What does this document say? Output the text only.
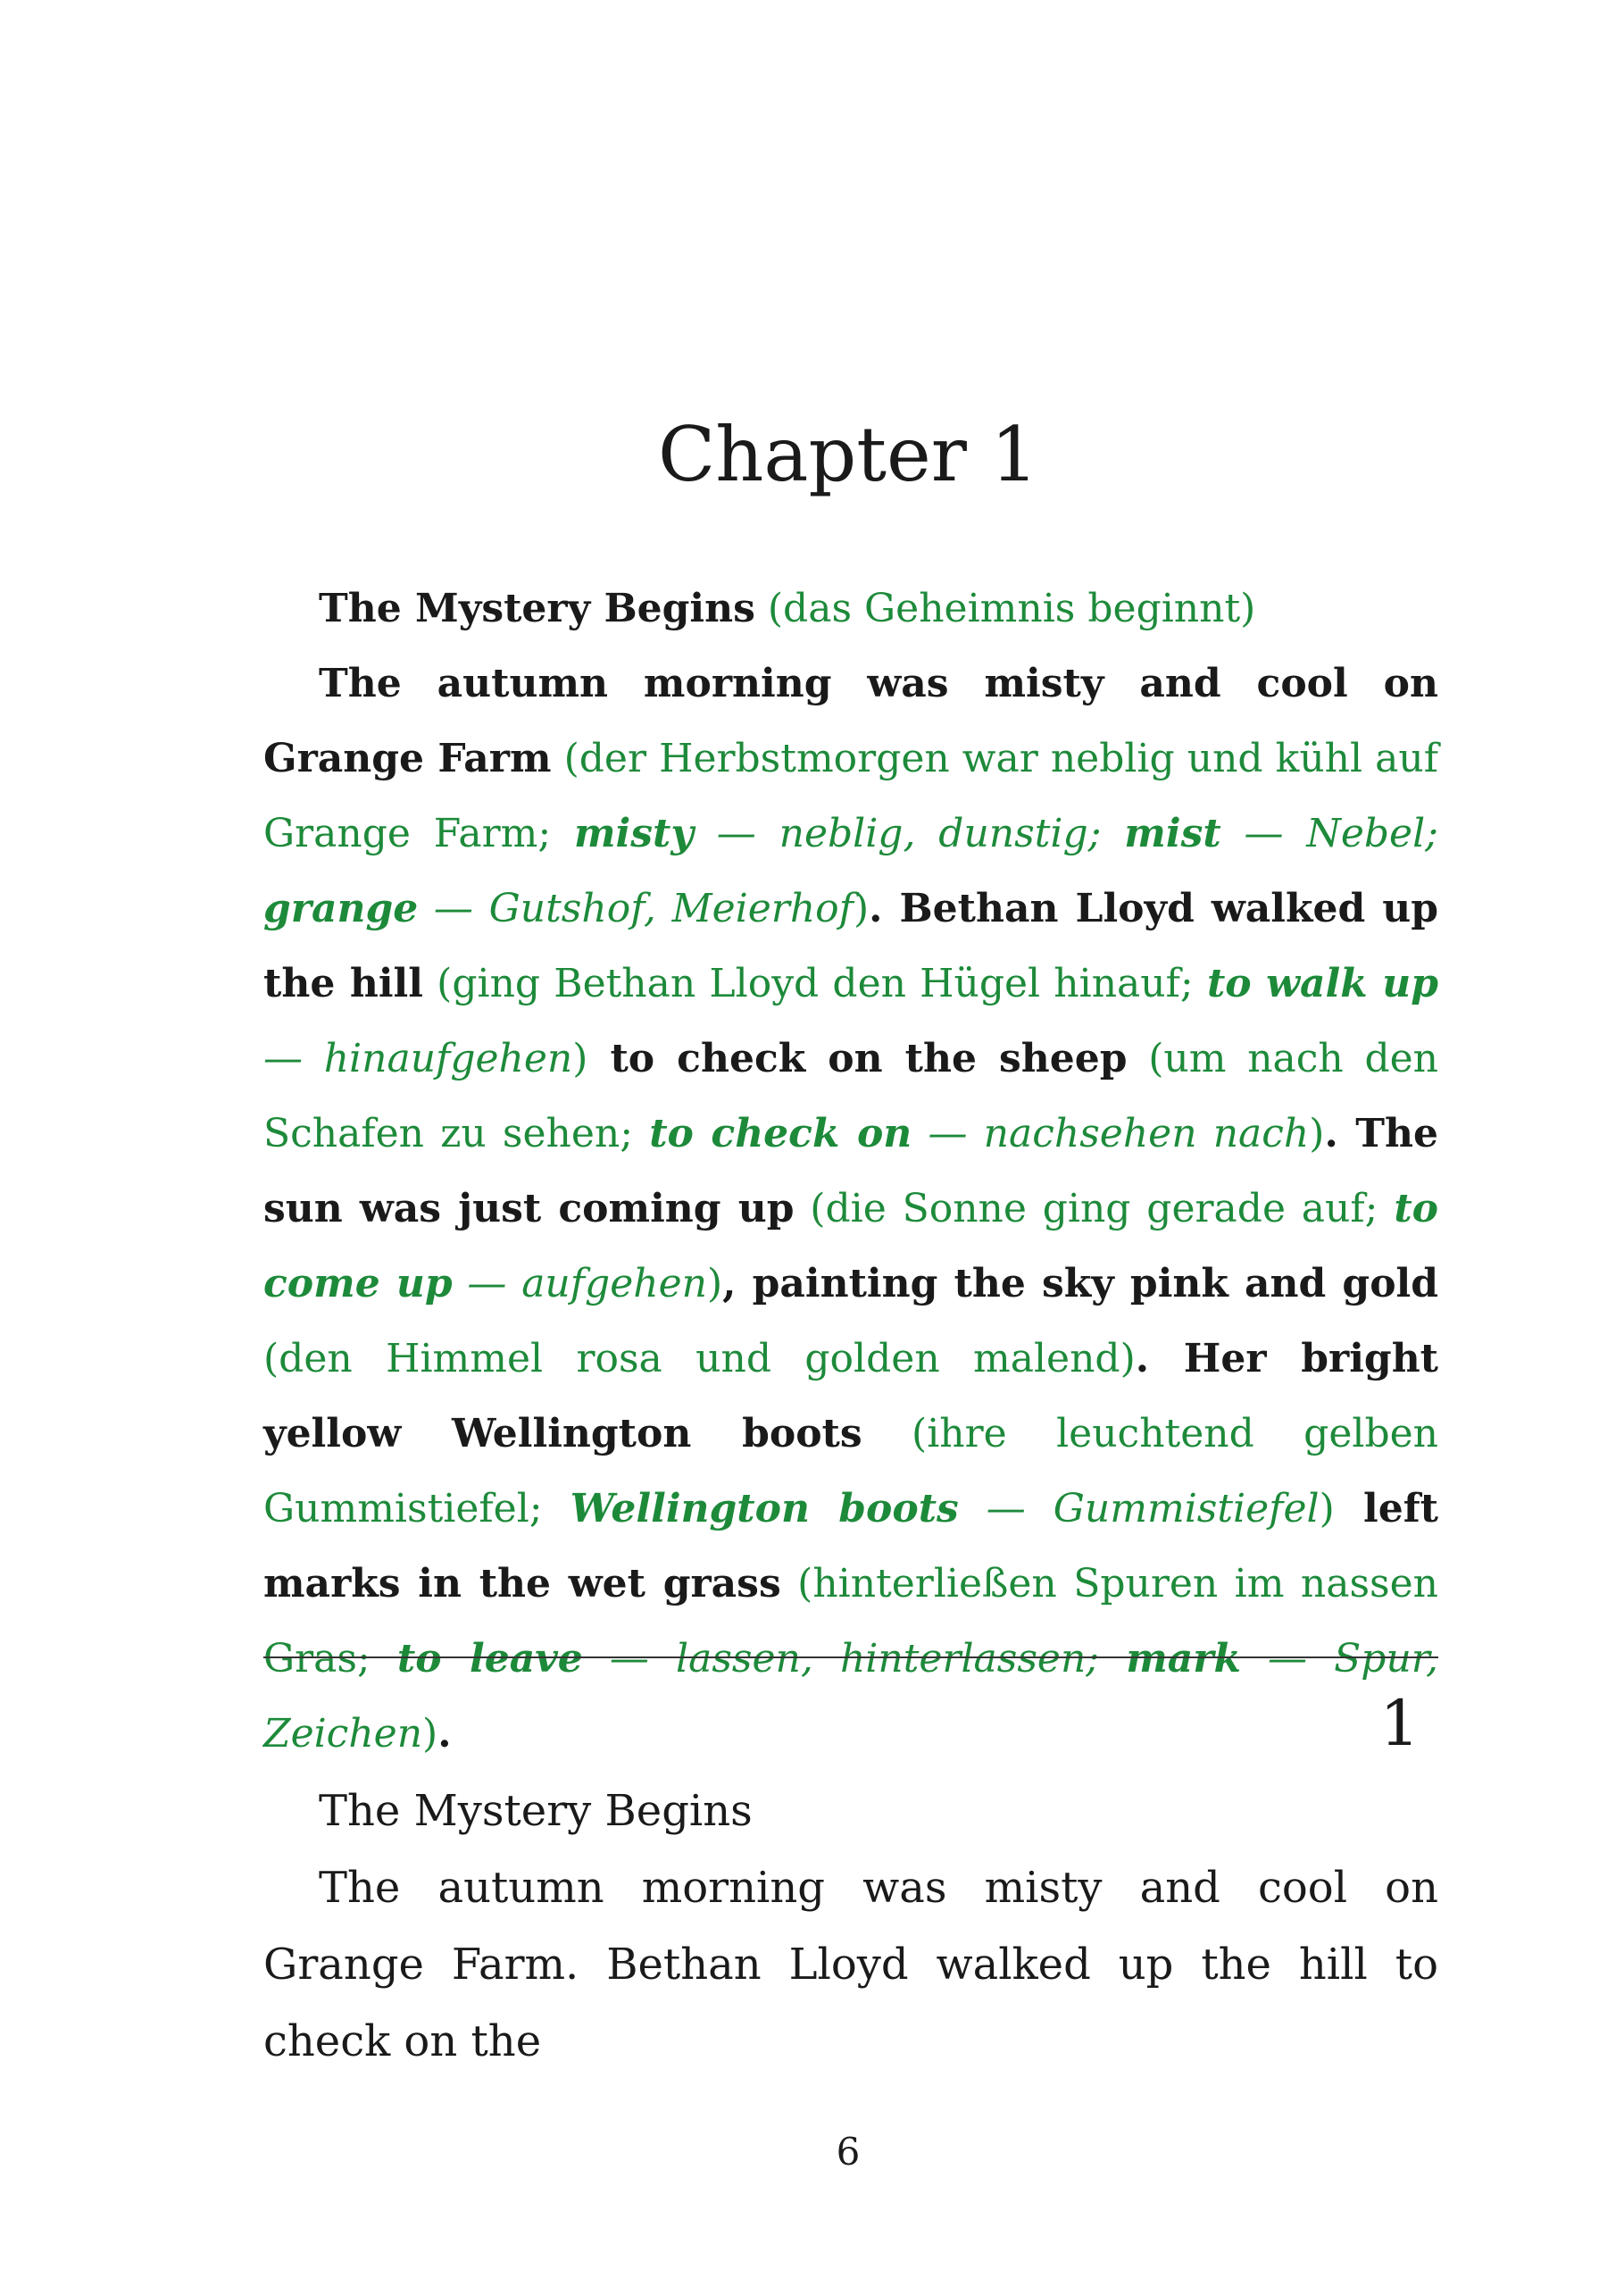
Chapter 1

The Mystery Begins (das Geheimnis beginnt)

The autumn morning was misty and cool on Grange Farm (der Herbstmorgen war neblig und kühl auf Grange Farm; misty — neblig, dunstig; mist — Nebel; grange — Gutshof, Meierhof). Bethan Lloyd walked up the hill (ging Bethan Lloyd den Hügel hinauf; to walk up — hinaufgehen) to check on the sheep (um nach den Schafen zu sehen; to check on — nachsehen nach). The sun was just coming up (die Sonne ging gerade auf; to come up — aufgehen), painting the sky pink and gold (den Himmel rosa und golden malend). Her bright yellow Wellington boots (ihre leuchtend gelben Gummistiefel; Wellington boots — Gummistiefel) left marks in the wet grass (hinterließen Spuren im nassen Gras; to leave — lassen, hinterlassen; mark — Spur, Zeichen).	1

The Mystery Begins

The autumn morning was misty and cool on Grange Farm. Bethan Lloyd walked up the hill to check on the

6
